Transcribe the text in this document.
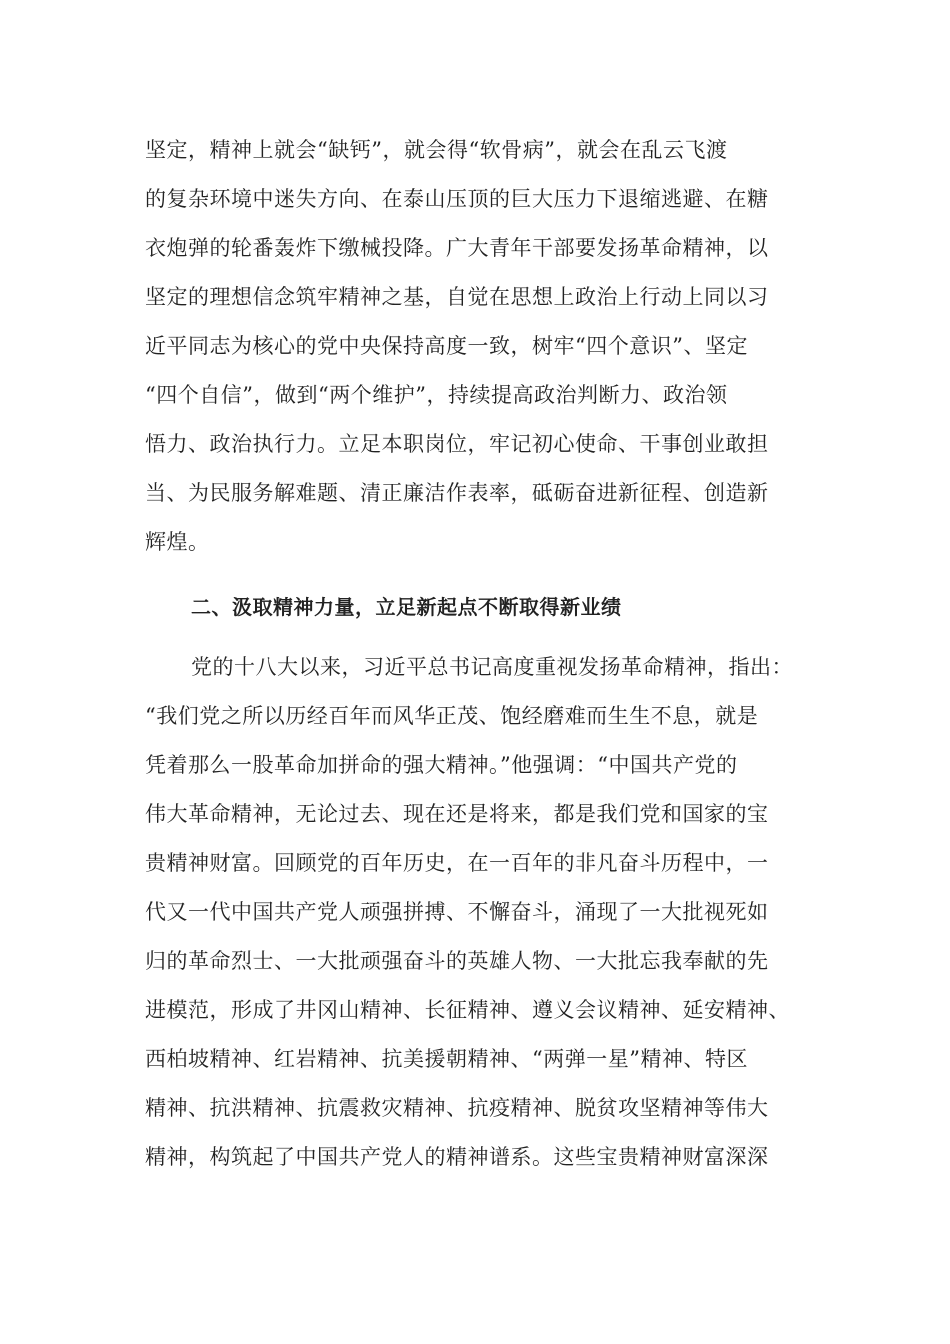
坚定，精神上就会“缺钙”，就会得“软骨病”，就会在乱云飞渡
的复杂环境中迷失方向、在泰山压顶的巨大压力下退缩逃避、在糖
衣炮弹的轮番轰炸下缴械投降。广大青年干部要发扬革命精神，以
坚定的理想信念筑牢精神之基，自觉在思想上政治上行动上同以习
近平同志为核心的党中央保持高度一致，树牢“四个意识”、坚定
“四个自信”，做到“两个维护”，持续提高政治判断力、政治领
悟力、政治执行力。立足本职岗位，牢记初心使命、干事创业敢担
当、为民服务解难题、清正廉洁作表率，砥砺奋进新征程、创造新
辉煌。
二、汲取精神力量，立足新起点不断取得新业绩
党的十八大以来，习近平总书记高度重视发扬革命精神，指出：
“我们党之所以历经百年而风华正茂、饱经磨难而生生不息，就是
凭着那么一股革命加拼命的强大精神。”他强调：“中国共产党的
伟大革命精神，无论过去、现在还是将来，都是我们党和国家的宝
贵精神财富。回顾党的百年历史，在一百年的非凡奋斗历程中，一
代又一代中国共产党人顽强拼搏、不懈奋斗，涌现了一大批视死如
归的革命烈士、一大批顽强奋斗的英雄人物、一大批忘我奉献的先
进模范，形成了井冈山精神、长征精神、遵义会议精神、延安精神、
西柏坡精神、红岩精神、抗美援朝精神、“两弹一星”精神、特区
精神、抗洪精神、抗震救灾精神、抗疫精神、脱贫攻坚精神等伟大
精神，构筑起了中国共产党人的精神谱系。这些宝贵精神财富深深
